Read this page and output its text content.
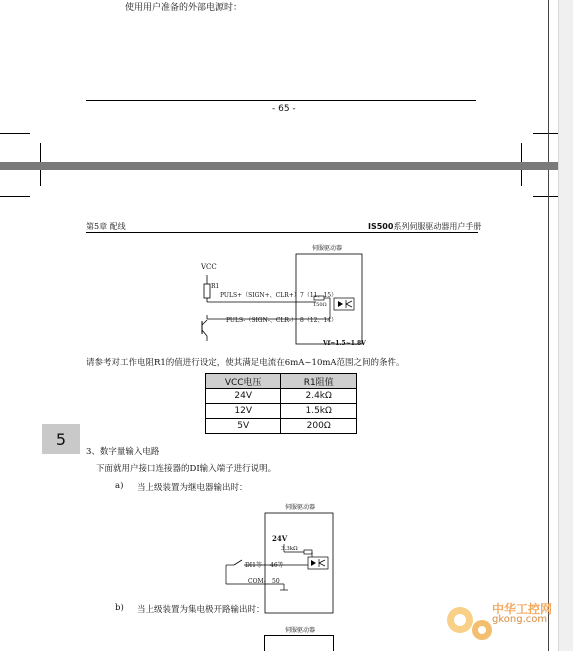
使用用户准备的外部电源时：
- 65 -
第5章 配线	IS500系列伺服驱动器用户手册
伺服驱动器
VCC
R1
PULS+（SIGN+、CLR+） 7（11、15）
150Ω
PULS-（SIGN-、CLR-） 8（12、14）
Vf=1.5~1.8V
请参考对工作电阻R1的值进行设定，使其满足电流在6mA~10mA范围之间的条件。
VCC电压	R1阻值
24V	2.4kΩ
12V	1.5kΩ
5V	200Ω
3、数字量输入电路
下面就用户接口连接器的DI输入端子进行说明。
a) 当上级装置为继电器输出时：
伺服驱动器
24V
3.3kΩ
DI1等 46等
COM- 50
b) 当上级装置为集电极开路输出时：
伺服驱动器
5
中华工控网
gkong.com
